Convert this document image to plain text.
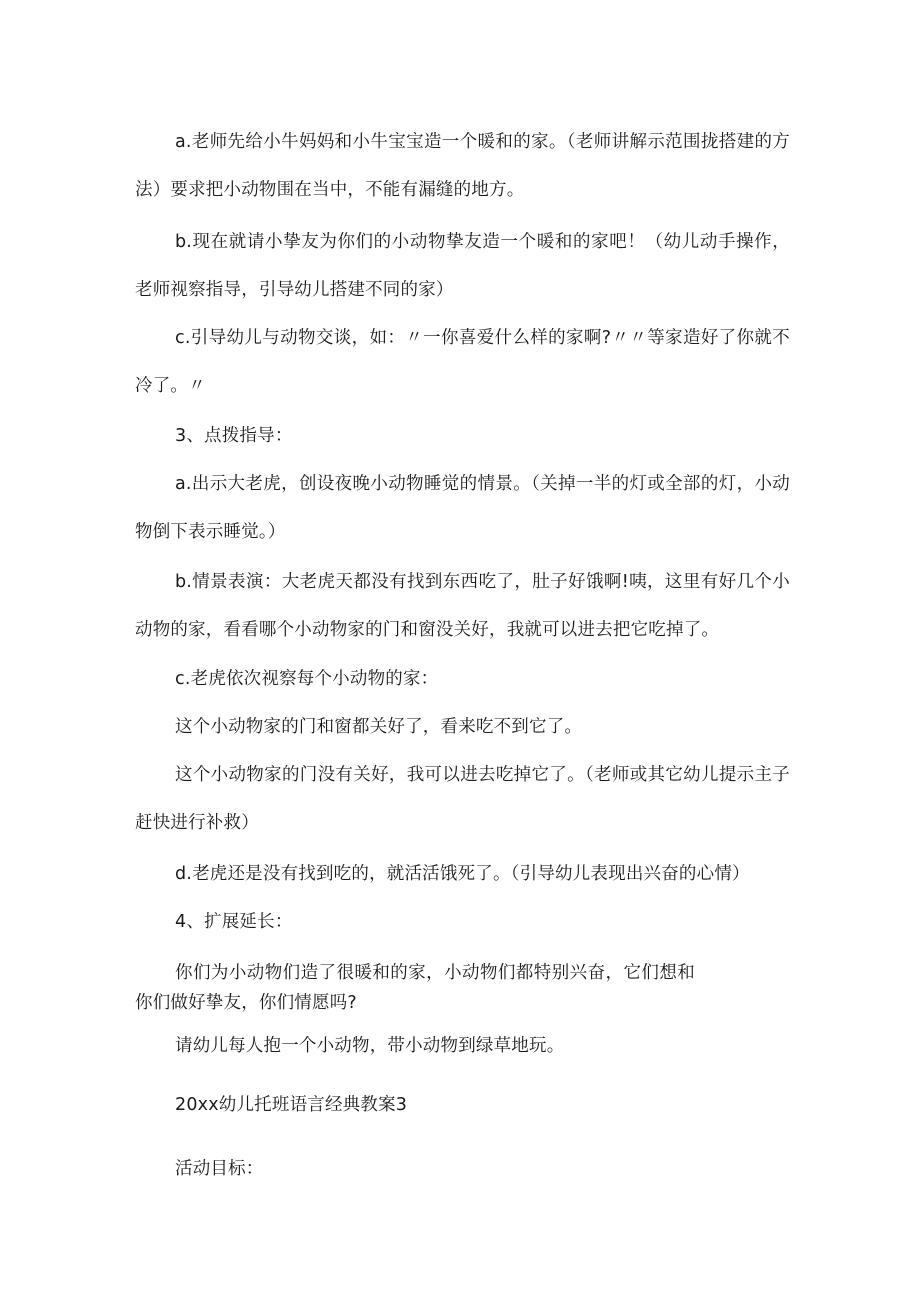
a.老师先给小牛妈妈和小牛宝宝造一个暖和的家。（老师讲解示范围拢搭建的方法）要求把小动物围在当中，不能有漏缝的地方。

b.现在就请小挚友为你们的小动物挚友造一个暖和的家吧！（幼儿动手操作，老师视察指导，引导幼儿搭建不同的家）

c.引导幼儿与动物交谈，如：〃一你喜爱什么样的家啊?〃〃等家造好了你就不冷了。〃

3、点拨指导：

a.出示大老虎，创设夜晚小动物睡觉的情景。（关掉一半的灯或全部的灯，小动物倒下表示睡觉。）

b.情景表演：大老虎天都没有找到东西吃了，肚子好饿啊!咦，这里有好几个小动物的家，看看哪个小动物家的门和窗没关好，我就可以进去把它吃掉了。

c.老虎依次视察每个小动物的家：

这个小动物家的门和窗都关好了，看来吃不到它了。

这个小动物家的门没有关好，我可以进去吃掉它了。（老师或其它幼儿提示主子赶快进行补救）

d.老虎还是没有找到吃的，就活活饿死了。（引导幼儿表现出兴奋的心情）

4、扩展延长：

你们为小动物们造了很暖和的家，小动物们都特别兴奋，它们想和你们做好挚友，你们情愿吗?

请幼儿每人抱一个小动物，带小动物到绿草地玩。

20xx幼儿托班语言经典教案3

活动目标：
